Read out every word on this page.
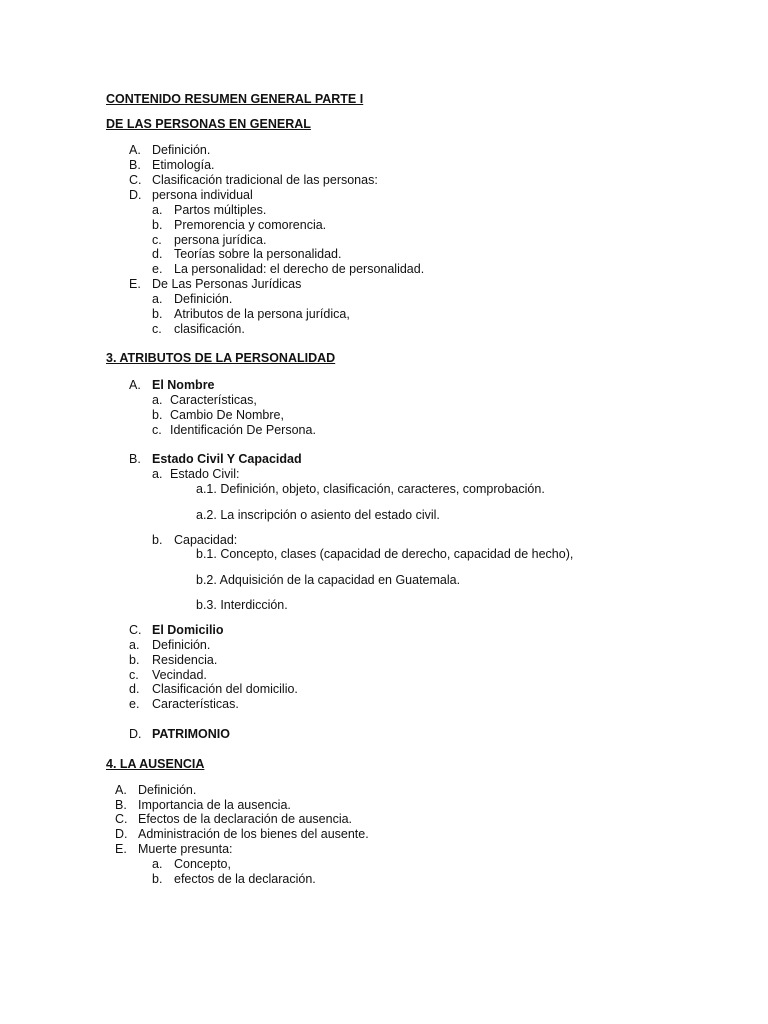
CONTENIDO RESUMEN GENERAL PARTE I
DE LAS PERSONAS EN GENERAL
A. Definición.
B. Etimología.
C. Clasificación tradicional de las personas:
D. persona individual
a. Partos múltiples.
b. Premorencia y comorencia.
c. persona jurídica.
d. Teorías sobre la personalidad.
e. La personalidad: el derecho de personalidad.
E. De Las Personas Jurídicas
a. Definición.
b. Atributos de la persona jurídica,
c. clasificación.
3. ATRIBUTOS DE LA PERSONALIDAD
A. El Nombre
a. Características,
b. Cambio De Nombre,
c. Identificación De Persona.
B. Estado Civil Y Capacidad
a. Estado Civil:
a.1. Definición, objeto, clasificación, caracteres, comprobación.
a.2. La inscripción o asiento del estado civil.
b. Capacidad:
b.1. Concepto, clases (capacidad de derecho, capacidad de hecho),
b.2. Adquisición de la capacidad en Guatemala.
b.3. Interdicción.
C. El Domicilio
a. Definición.
b. Residencia.
c. Vecindad.
d. Clasificación del domicilio.
e. Características.
D. PATRIMONIO
4. LA AUSENCIA
A. Definición.
B. Importancia de la ausencia.
C. Efectos de la declaración de ausencia.
D. Administración de los bienes del ausente.
E. Muerte presunta:
a. Concepto,
b. efectos de la declaración.
